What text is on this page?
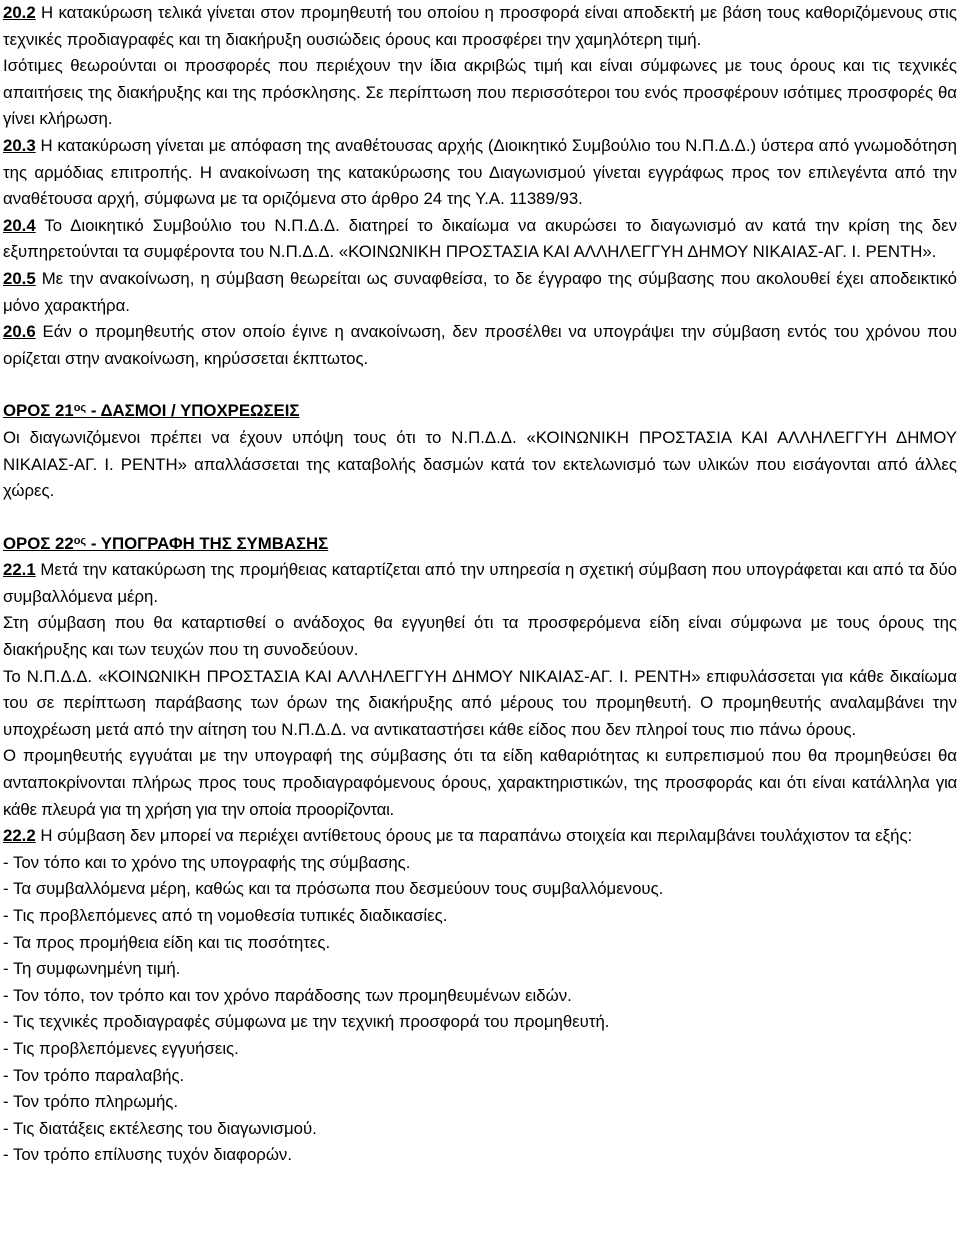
20.2 Η κατακύρωση τελικά γίνεται στον προμηθευτή του οποίου η προσφορά είναι αποδεκτή με βάση τους καθοριζόμενους στις τεχνικές προδιαγραφές και τη διακήρυξη ουσιώδεις όρους και προσφέρει την χαμηλότερη τιμή.

Ισότιμες θεωρούνται οι προσφορές που περιέχουν την ίδια ακριβώς τιμή και είναι σύμφωνες με τους όρους και τις τεχνικές απαιτήσεις της διακήρυξης και της πρόσκλησης. Σε περίπτωση που περισσότεροι του ενός προσφέρουν ισότιμες προσφορές θα γίνει κλήρωση.

20.3 Η κατακύρωση γίνεται με απόφαση της αναθέτουσας αρχής (Διοικητικό Συμβούλιο του Ν.Π.Δ.Δ.) ύστερα από γνωμοδότηση της αρμόδιας επιτροπής. Η ανακοίνωση της κατακύρωσης του Διαγωνισμού γίνεται εγγράφως προς τον επιλεγέντα από την αναθέτουσα αρχή, σύμφωνα με τα οριζόμενα στο άρθρο 24 της Υ.Α. 11389/93.

20.4 Το Διοικητικό Συμβούλιο του Ν.Π.Δ.Δ. διατηρεί το δικαίωμα να ακυρώσει το διαγωνισμό αν κατά την κρίση της δεν εξυπηρετούνται τα συμφέροντα του Ν.Π.Δ.Δ. «ΚΟΙΝΩΝΙΚΗ ΠΡΟΣΤΑΣΙΑ ΚΑΙ ΑΛΛΗΛΕΓΓΥΗ ΔΗΜΟΥ ΝΙΚΑΙΑΣ-ΑΓ. Ι. ΡΕΝΤΗ».

20.5 Με την ανακοίνωση, η σύμβαση θεωρείται ως συναφθείσα, το δε έγγραφο της σύμβασης που ακολουθεί έχει αποδεικτικό μόνο χαρακτήρα.

20.6 Εάν ο προμηθευτής στον οποίο έγινε η ανακοίνωση, δεν προσέλθει να υπογράψει την σύμβαση εντός του χρόνου που ορίζεται στην ανακοίνωση, κηρύσσεται έκπτωτος.

ΟΡΟΣ $21^{o\varsigma}$ - ΔΑΣΜΟΙ / ΥΠΟΧΡΕΩΣΕΙΣ

Οι διαγωνιζόμενοι πρέπει να έχουν υπόψη τους ότι το Ν.Π.Δ.Δ. «ΚΟΙΝΩΝΙΚΗ ΠΡΟΣΤΑΣΙΑ ΚΑΙ ΑΛΛΗΛΕΓΓΥΗ ΔΗΜΟΥ ΝΙΚΑΙΑΣ-ΑΓ. Ι. ΡΕΝΤΗ» απαλλάσσεται της καταβολής δασμών κατά τον εκτελωνισμό των υλικών που εισάγονται από άλλες χώρες.

ΟΡΟΣ $22^{o\varsigma}$ - ΥΠΟΓΡΑΦΗ ΤΗΣ ΣΥΜΒΑΣΗΣ

22.1 Μετά την κατακύρωση της προμήθειας καταρτίζεται από την υπηρεσία η σχετική σύμβαση που υπογράφεται και από τα δύο συμβαλλόμενα μέρη.

Στη σύμβαση που θα καταρτισθεί ο ανάδοχος θα εγγυηθεί ότι τα προσφερόμενα είδη είναι σύμφωνα με τους όρους της διακήρυξης και των τευχών που τη συνοδεύουν.

Το Ν.Π.Δ.Δ. «ΚΟΙΝΩΝΙΚΗ ΠΡΟΣΤΑΣΙΑ ΚΑΙ ΑΛΛΗΛΕΓΓΥΗ ΔΗΜΟΥ ΝΙΚΑΙΑΣ-ΑΓ. Ι. ΡΕΝΤΗ» επιφυλάσσεται για κάθε δικαίωμα του σε περίπτωση παράβασης των όρων της διακήρυξης από μέρους του προμηθευτή. Ο προμηθευτής αναλαμβάνει την υποχρέωση μετά από την αίτηση του Ν.Π.Δ.Δ. να αντικαταστήσει κάθε είδος που δεν πληροί τους πιο πάνω όρους.

Ο προμηθευτής εγγυάται με την υπογραφή της σύμβασης ότι τα είδη καθαριότητας κι ευπρεπισμού που θα προμηθεύσει θα ανταποκρίνονται πλήρως προς τους προδιαγραφόμενους όρους, χαρακτηριστικών, της προσφοράς και ότι είναι κατάλληλα για κάθε πλευρά για τη χρήση για την οποία προορίζονται.

22.2 Η σύμβαση δεν μπορεί να περιέχει αντίθετους όρους με τα παραπάνω στοιχεία και περιλαμβάνει τουλάχιστον τα εξής:

- Τον τόπο και το χρόνο της υπογραφής της σύμβασης.

- Τα συμβαλλόμενα μέρη, καθώς και τα πρόσωπα που δεσμεύουν τους συμβαλλόμενους.

- Τις προβλεπόμενες από τη νομοθεσία τυπικές διαδικασίες.

- Τα προς προμήθεια είδη και τις ποσότητες.

- Τη συμφωνημένη τιμή.

- Τον τόπο, τον τρόπο και τον χρόνο παράδοσης των προμηθευμένων ειδών.

- Τις τεχνικές προδιαγραφές σύμφωνα με την τεχνική προσφορά του προμηθευτή.

- Τις προβλεπόμενες εγγυήσεις.

- Τον τρόπο παραλαβής.

- Τον τρόπο πληρωμής.

- Τις διατάξεις εκτέλεσης του διαγωνισμού.

- Τον τρόπο επίλυσης τυχόν διαφορών.
